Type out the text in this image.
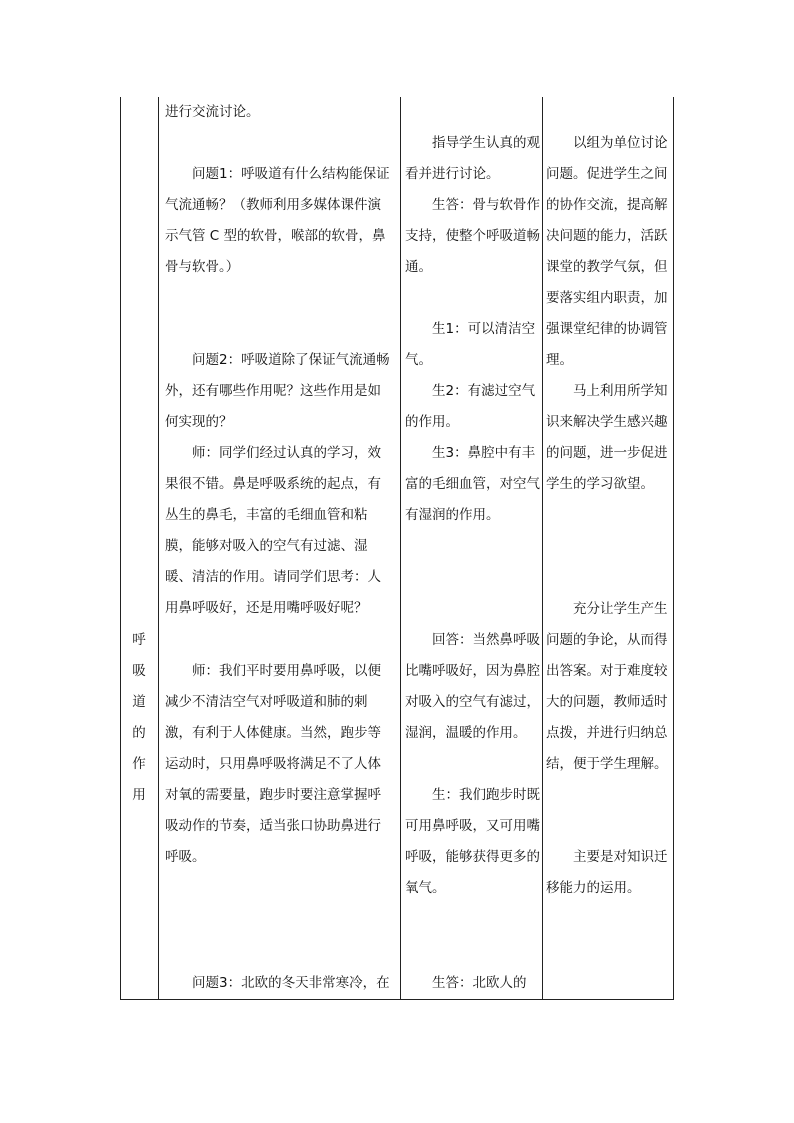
呼
吸
道
的
作
用

进行交流讨论。

问题1：呼吸道有什么结构能保证气流通畅？（教师利用多媒体课件演示气管 C 型的软骨，喉部的软骨，鼻骨与软骨。）

问题2：呼吸道除了保证气流通畅外，还有哪些作用呢？这些作用是如何实现的？

师：同学们经过认真的学习，效果很不错。鼻是呼吸系统的起点，有丛生的鼻毛，丰富的毛细血管和粘膜，能够对吸入的空气有过滤、湿暖、清洁的作用。请同学们思考：人用鼻呼吸好，还是用嘴呼吸好呢？

师：我们平时要用鼻呼吸，以便减少不清洁空气对呼吸道和肺的刺激，有利于人体健康。当然，跑步等运动时，只用鼻呼吸将满足不了人体对氧的需要量，跑步时要注意掌握呼吸动作的节奏，适当张口协助鼻进行呼吸。

问题3：北欧的冬天非常寒冷，在

指导学生认真的观看并进行讨论。

生答：骨与软骨作支持，使整个呼吸道畅通。

生1：可以清洁空气。

生2：有滤过空气的作用。

生3：鼻腔中有丰富的毛细血管，对空气有湿润的作用。

回答：当然鼻呼吸比嘴呼吸好，因为鼻腔对吸入的空气有滤过，湿润，温暖的作用。

生：我们跑步时既可用鼻呼吸，又可用嘴呼吸，能够获得更多的氧气。

生答：北欧人的

以组为单位讨论问题。促进学生之间的协作交流，提高解决问题的能力，活跃课堂的教学气氛，但要落实组内职责，加强课堂纪律的协调管理。

马上利用所学知识来解决学生感兴趣的问题，进一步促进学生的学习欲望。

充分让学生产生问题的争论，从而得出答案。对于难度较大的问题，教师适时点拨，并进行归纳总结，便于学生理解。

主要是对知识迁移能力的运用。
